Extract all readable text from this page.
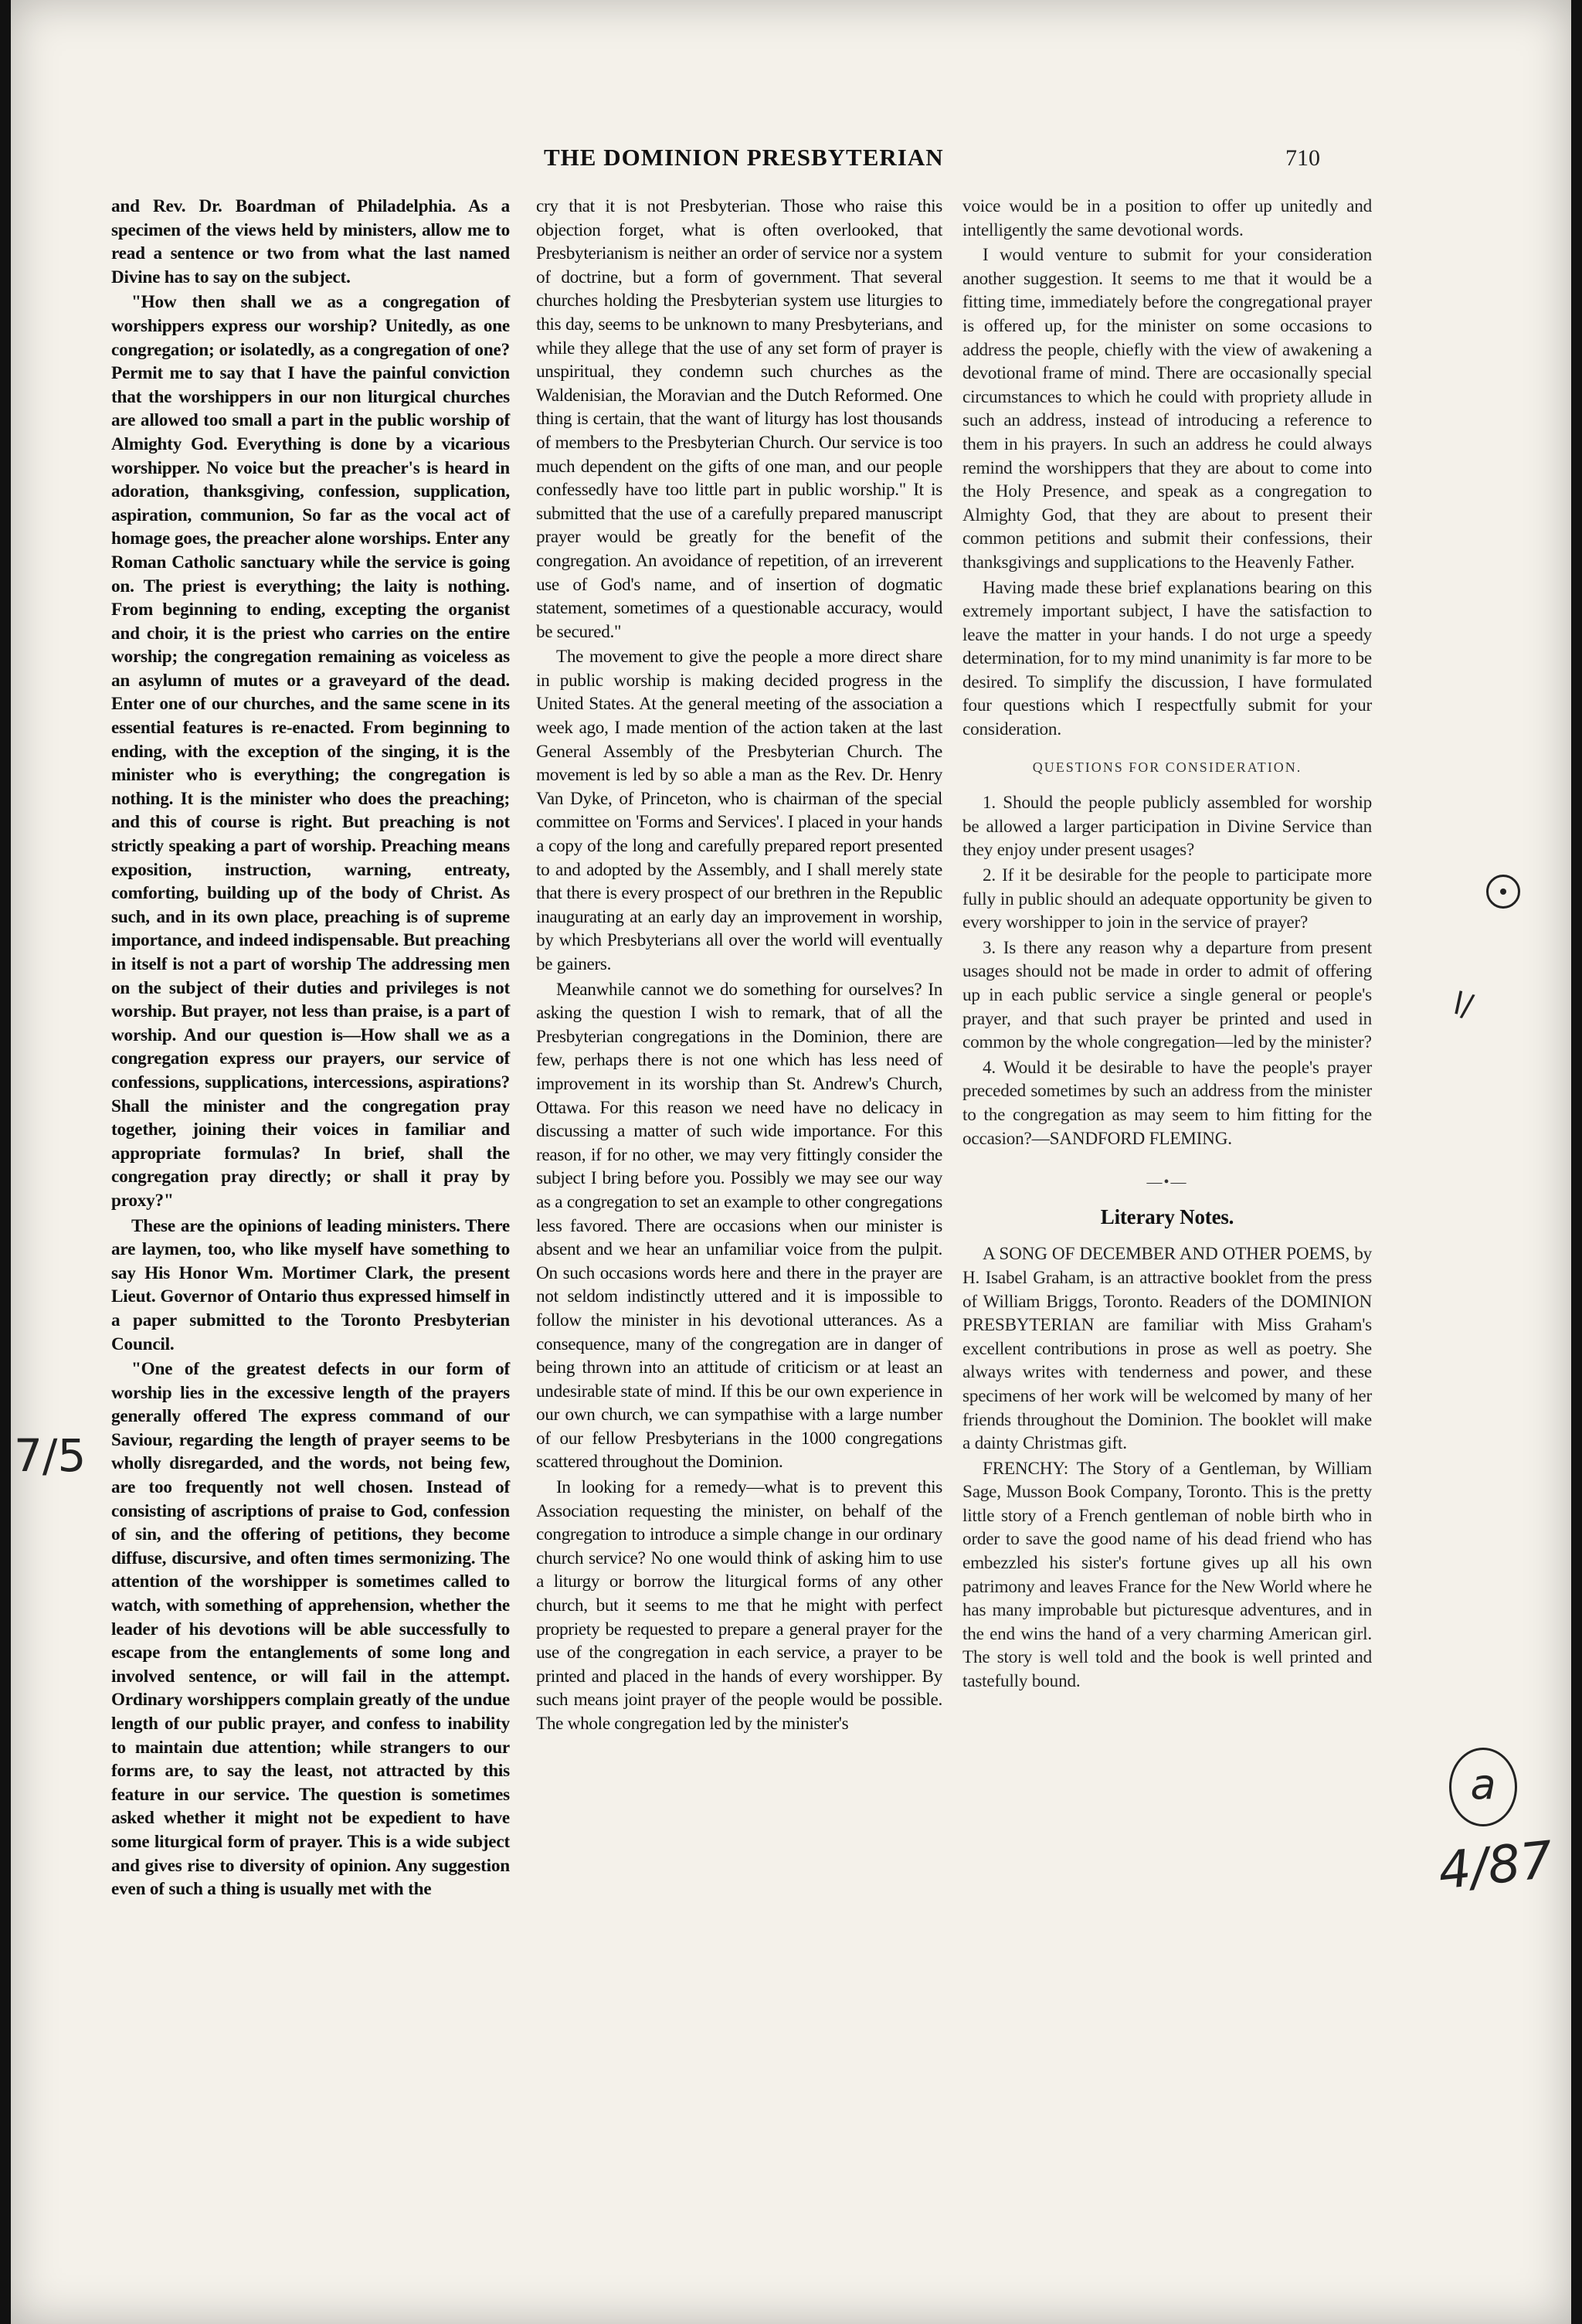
THE DOMINION PRESBYTERIAN	710

and Rev. Dr. Boardman of Philadelphia. As a specimen of the views held by ministers, allow me to read a sentence or two from what the last named Divine has to say on the subject.

"How then shall we as a congregation of worshippers express our worship? Unitedly, as one congregation; or isolatedly, as a congregation of one? Permit me to say that I have the painful conviction that the worshippers in our non liturgical churches are allowed too small a part in the public worship of Almighty God. Everything is done by a vicarious worshipper. No voice but the preacher's is heard in adoration, thanksgiving, confession, supplication, aspiration, communion, So far as the vocal act of homage goes, the preacher alone worships. Enter any Roman Catholic sanctuary while the service is going on. The priest is everything; the laity is nothing. From beginning to ending, excepting the organist and choir, it is the priest who carries on the entire worship; the congregation remaining as voiceless as an asylumn of mutes or a graveyard of the dead. Enter one of our churches, and the same scene in its essential features is re-enacted. From beginning to ending, with the exception of the singing, it is the minister who is everything; the congregation is nothing. It is the minister who does the preaching; and this of course is right. But preaching is not strictly speaking a part of worship. Preaching means exposition, instruction, warning, entreaty, comforting, building up of the body of Christ. As such, and in its own place, preaching is of supreme importance, and indeed indispensable. But preaching in itself is not a part of worship The addressing men on the subject of their duties and privileges is not worship. But prayer, not less than praise, is a part of worship. And our question is—How shall we as a congregation express our prayers, our service of confessions, supplications, intercessions, aspirations? Shall the minister and the congregation pray together, joining their voices in familiar and appropriate formulas? In brief, shall the congregation pray directly; or shall it pray by proxy?"

These are the opinions of leading ministers. There are laymen, too, who like myself have something to say His Honor Wm. Mortimer Clark, the present Lieut. Governor of Ontario thus expressed himself in a paper submitted to the Toronto Presbyterian Council.

"One of the greatest defects in our form of worship lies in the excessive length of the prayers generally offered The express command of our Saviour, regarding the length of prayer seems to be wholly disregarded, and the words, not being few, are too frequently not well chosen. Instead of consisting of ascriptions of praise to God, confession of sin, and the offering of petitions, they become diffuse, discursive, and often times sermonizing. The attention of the worshipper is sometimes called to watch, with something of apprehension, whether the leader of his devotions will be able successfully to escape from the entanglements of some long and involved sentence, or will fail in the attempt. Ordinary worshippers complain greatly of the undue length of our public prayer, and confess to inability to maintain due attention; while strangers to our forms are, to say the least, not attracted by this feature in our service. The question is sometimes asked whether it might not be expedient to have some liturgical form of prayer. This is a wide subject and gives rise to diversity of opinion. Any suggestion even of such a thing is usually met with the

cry that it is not Presbyterian. Those who raise this objection forget, what is often overlooked, that Presbyterianism is neither an order of service nor a system of doctrine, but a form of government. That several churches holding the Presbyterian system use liturgies to this day, seems to be unknown to many Presbyterians, and while they allege that the use of any set form of prayer is unspiritual, they condemn such churches as the Waldenisian, the Moravian and the Dutch Reformed. One thing is certain, that the want of liturgy has lost thousands of members to the Presbyterian Church. Our service is too much dependent on the gifts of one man, and our people confessedly have too little part in public worship." It is submitted that the use of a carefully prepared manuscript prayer would be greatly for the benefit of the congregation. An avoidance of repetition, of an irreverent use of God's name, and of insertion of dogmatic statement, sometimes of a questionable accuracy, would be secured."

The movement to give the people a more direct share in public worship is making decided progress in the United States. At the general meeting of the association a week ago, I made mention of the action taken at the last General Assembly of the Presbyterian Church. The movement is led by so able a man as the Rev. Dr. Henry Van Dyke, of Princeton, who is chairman of the special committee on 'Forms and Services'. I placed in your hands a copy of the long and carefully prepared report presented to and adopted by the Assembly, and I shall merely state that there is every prospect of our brethren in the Republic inaugurating at an early day an improvement in worship, by which Presbyterians all over the world will eventually be gainers.

Meanwhile cannot we do something for ourselves? In asking the question I wish to remark, that of all the Presbyterian congregations in the Dominion, there are few, perhaps there is not one which has less need of improvement in its worship than St. Andrew's Church, Ottawa. For this reason we need have no delicacy in discussing a matter of such wide importance. For this reason, if for no other, we may very fittingly consider the subject I bring before you. Possibly we may see our way as a congregation to set an example to other congregations less favored. There are occasions when our minister is absent and we hear an unfamiliar voice from the pulpit. On such occasions words here and there in the prayer are not seldom indistinctly uttered and it is impossible to follow the minister in his devotional utterances. As a consequence, many of the congregation are in danger of being thrown into an attitude of criticism or at least an undesirable state of mind. If this be our own experience in our own church, we can sympathise with a large number of our fellow Presbyterians in the 1000 congregations scattered throughout the Dominion.

In looking for a remedy—what is to prevent this Association requesting the minister, on behalf of the congregation to introduce a simple change in our ordinary church service? No one would think of asking him to use a liturgy or borrow the liturgical forms of any other church, but it seems to me that he might with perfect propriety be requested to prepare a general prayer for the use of the congregation in each service, a prayer to be printed and placed in the hands of every worshipper. By such means joint prayer of the people would be possible. The whole congregation led by the minister's

voice would be in a position to offer up unitedly and intelligently the same devotional words.

I would venture to submit for your consideration another suggestion. It seems to me that it would be a fitting time, immediately before the congregational prayer is offered up, for the minister on some occasions to address the people, chiefly with the view of awakening a devotional frame of mind. There are occasionally special circumstances to which he could with propriety allude in such an address, instead of introducing a reference to them in his prayers. In such an address he could always remind the worshippers that they are about to come into the Holy Presence, and speak as a congregation to Almighty God, that they are about to present their common petitions and submit their confessions, their thanksgivings and supplications to the Heavenly Father.

Having made these brief explanations bearing on this extremely important subject, I have the satisfaction to leave the matter in your hands. I do not urge a speedy determination, for to my mind unanimity is far more to be desired. To simplify the discussion, I have formulated four questions which I respectfully submit for your consideration.

QUESTIONS FOR CONSIDERATION.

1. Should the people publicly assembled for worship be allowed a larger participation in Divine Service than they enjoy under present usages?

2. If it be desirable for the people to participate more fully in public should an adequate opportunity be given to every worshipper to join in the service of prayer?

3. Is there any reason why a departure from present usages should not be made in order to admit of offering up in each public service a single general or people's prayer, and that such prayer be printed and used in common by the whole congregation—led by the minister?

4. Would it be desirable to have the people's prayer preceded sometimes by such an address from the minister to the congregation as may seem to him fitting for the occasion?—SANDFORD FLEMING.

—•—
Literary Notes.

A SONG OF DECEMBER AND OTHER POEMS, by H. Isabel Graham, is an attractive booklet from the press of William Briggs, Toronto. Readers of the DOMINION PRESBYTERIAN are familiar with Miss Graham's excellent contributions in prose as well as poetry. She always writes with tenderness and power, and these specimens of her work will be welcomed by many of her friends throughout the Dominion. The booklet will make a dainty Christmas gift.

FRENCHY: The Story of a Gentleman, by William Sage, Musson Book Company, Toronto. This is the pretty little story of a French gentleman of noble birth who in order to save the good name of his dead friend who has embezzled his sister's fortune gives up all his own patrimony and leaves France for the New World where he has many improbable but picturesque adventures, and in the end wins the hand of a very charming American girl. The story is well told and the book is well printed and tastefully bound.

l/
7/5
a
4/87
